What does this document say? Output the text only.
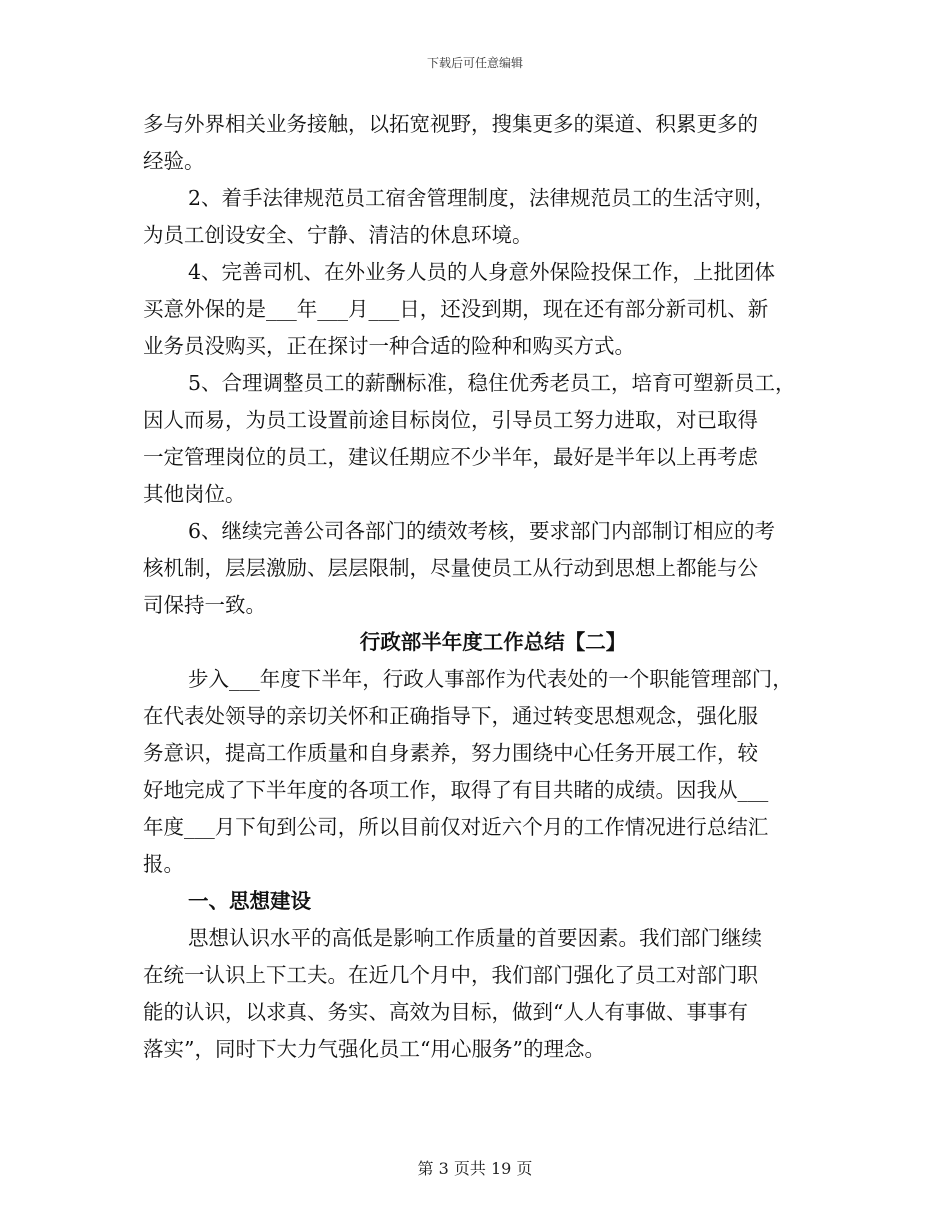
下载后可任意编辑
多与外界相关业务接触，以拓宽视野，搜集更多的渠道、积累更多的
经验。
2、着手法律规范员工宿舍管理制度，法律规范员工的生活守则，
为员工创设安全、宁静、清洁的休息环境。
4、完善司机、在外业务人员的人身意外保险投保工作，上批团体
买意外保的是___年___月___日，还没到期，现在还有部分新司机、新
业务员没购买，正在探讨一种合适的险种和购买方式。
5、合理调整员工的薪酬标准，稳住优秀老员工，培育可塑新员工，
因人而易，为员工设置前途目标岗位，引导员工努力进取，对已取得
一定管理岗位的员工，建议任期应不少半年，最好是半年以上再考虑
其他岗位。
6、继续完善公司各部门的绩效考核，要求部门内部制订相应的考
核机制，层层激励、层层限制，尽量使员工从行动到思想上都能与公
司保持一致。
行政部半年度工作总结【二】
步入___年度下半年，行政人事部作为代表处的一个职能管理部门，
在代表处领导的亲切关怀和正确指导下，通过转变思想观念，强化服
务意识，提高工作质量和自身素养，努力围绕中心任务开展工作，较
好地完成了下半年度的各项工作，取得了有目共睹的成绩。因我从___
年度___月下旬到公司，所以目前仅对近六个月的工作情况进行总结汇
报。
一、思想建设
思想认识水平的高低是影响工作质量的首要因素。我们部门继续
在统一认识上下工夫。在近几个月中，我们部门强化了员工对部门职
能的认识，以求真、务实、高效为目标，做到“人人有事做、事事有
落实”，同时下大力气强化员工“用心服务”的理念。
第 3 页共 19 页
